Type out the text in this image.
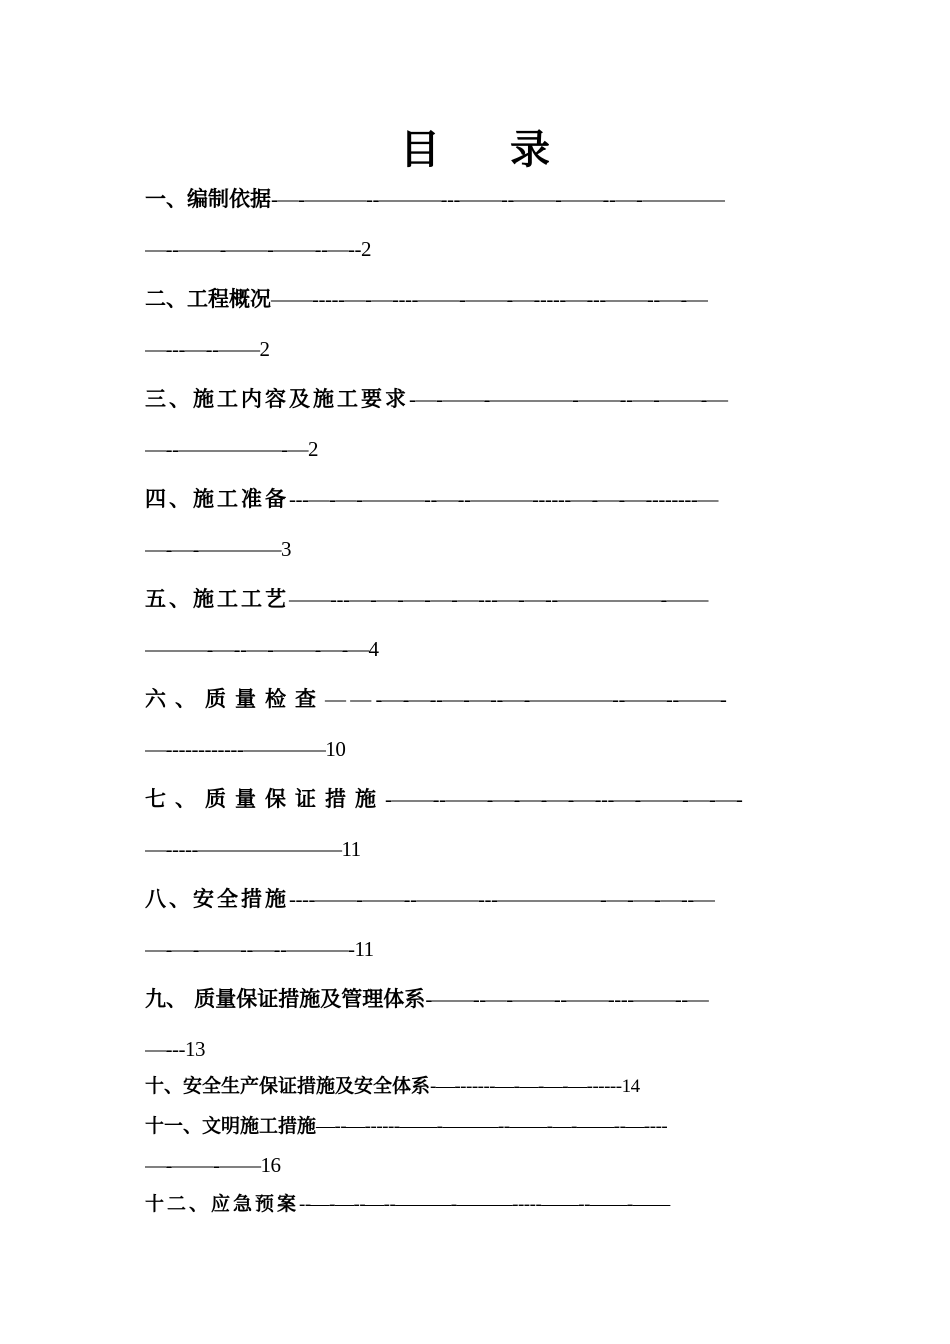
目 录
一、编制依据-—-———--———---——--——-——--—-————
—--——-——-——--—--2
二、工程概况——-----—-—----——-——-—-----—---——--—-—
—---—--——2
三、施工内容及施工要求-—-——-————-——--—-——-—
—--—————-—2
四、施工准备---—-—-———--—--———------—-—-—--------—
—-—-————3
五、施工工艺——---—-—-—-—-—---—-—--—————-——
———-—--—-——-—-—4
六、质量检查— — -—-—--—-—--—-————--——--——-
—------------————10
七、质量保证措施-——--——-—-—-—-—---—-——-—-—-
—-----———————11
八、安全措施----——-——--———---—————-—-—-—--—
—-—-——--—--———-11
九、 质量保证措施及管理体系-——--—-——--——----——--—
—---13
十、安全生产保证措施及安全体系-—-------—-—-—-—------14
十一、文明施工措施—--—------——-———--——-—-——--—----
—-——-——16
十二、应急预案--—-—--—--———-———-----——--——-——
